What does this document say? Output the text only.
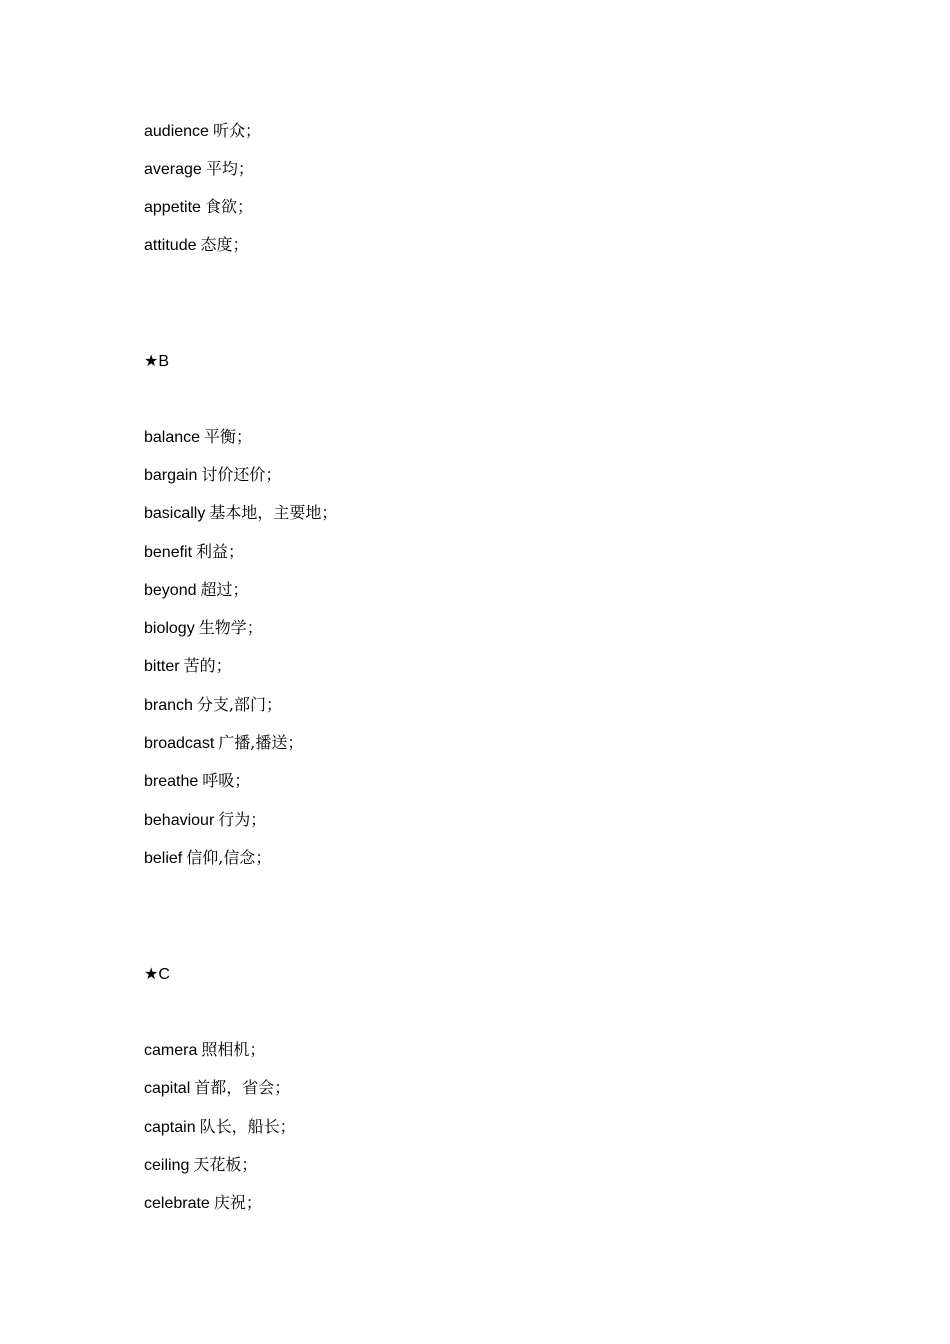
audience 听众；
average 平均；
appetite 食欲；
attitude 态度；
★B
balance 平衡；
bargain 讨价还价；
basically 基本地，主要地；
benefit 利益；
beyond 超过；
biology 生物学；
bitter 苦的；
branch 分支,部门；
broadcast 广播,播送；
breathe 呼吸；
behaviour 行为；
belief 信仰,信念；
★C
camera 照相机；
capital 首都，省会；
captain 队长，船长；
ceiling 天花板；
celebrate 庆祝；
